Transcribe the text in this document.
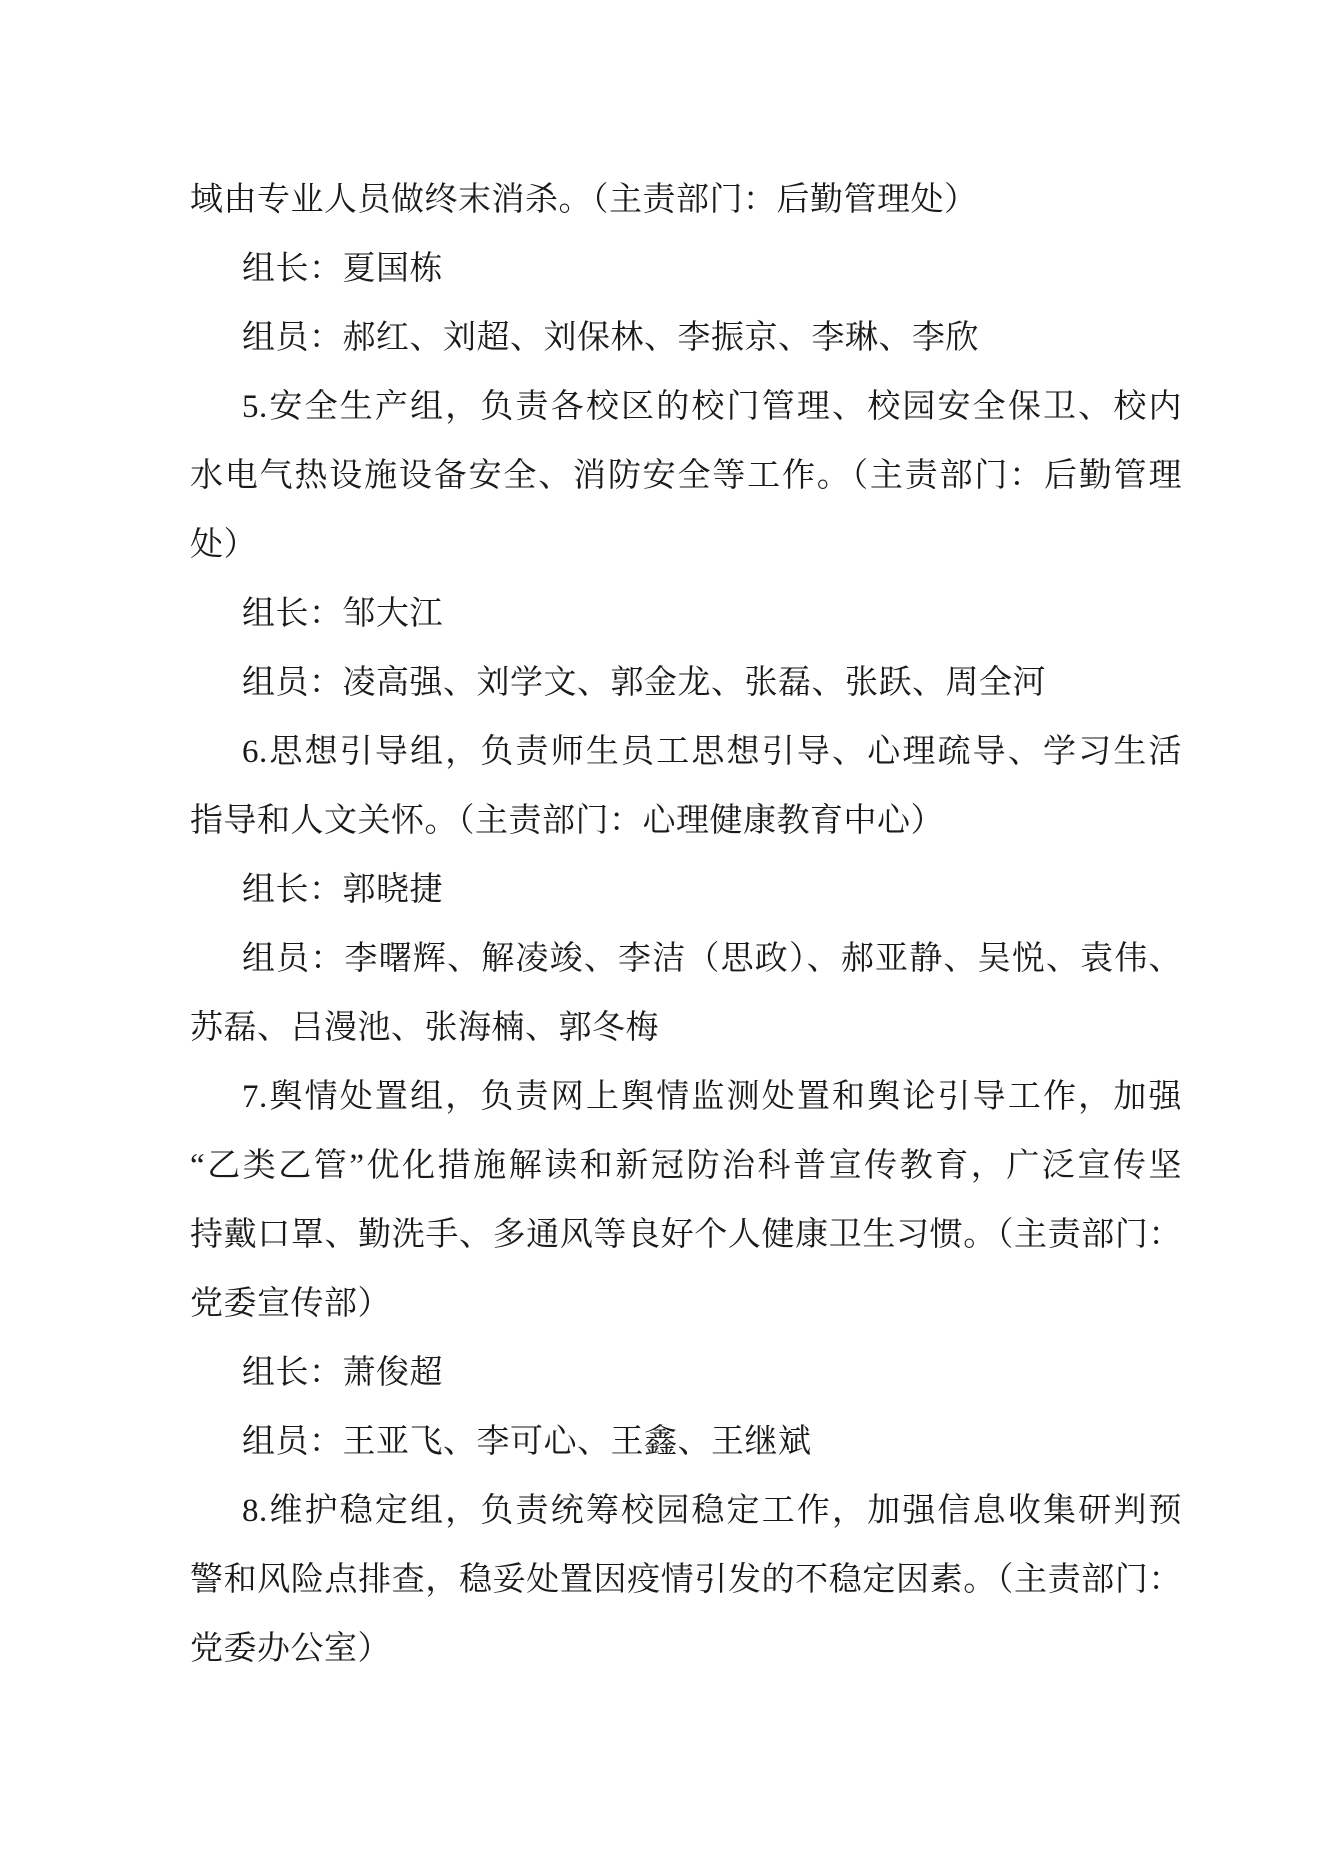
域由专业人员做终末消杀。（主责部门：后勤管理处）
组长：夏国栋
组员：郝红、刘超、刘保林、李振京、李琳、李欣
5.安全生产组，负责各校区的校门管理、校园安全保卫、校内
水电气热设施设备安全、消防安全等工作。（主责部门：后勤管理
处）
组长：邹大江
组员：凌高强、刘学文、郭金龙、张磊、张跃、周全河
6.思想引导组，负责师生员工思想引导、心理疏导、学习生活
指导和人文关怀。（主责部门：心理健康教育中心）
组长：郭晓捷
组员：李曙辉、解凌竣、李洁（思政）、郝亚静、吴悦、袁伟、
苏磊、吕漫池、张海楠、郭冬梅
7.舆情处置组，负责网上舆情监测处置和舆论引导工作，加强
“乙类乙管”优化措施解读和新冠防治科普宣传教育，广泛宣传坚
持戴口罩、勤洗手、多通风等良好个人健康卫生习惯。（主责部门：
党委宣传部）
组长：萧俊超
组员：王亚飞、李可心、王鑫、王继斌
8.维护稳定组，负责统筹校园稳定工作，加强信息收集研判预
警和风险点排查，稳妥处置因疫情引发的不稳定因素。（主责部门：
党委办公室）
